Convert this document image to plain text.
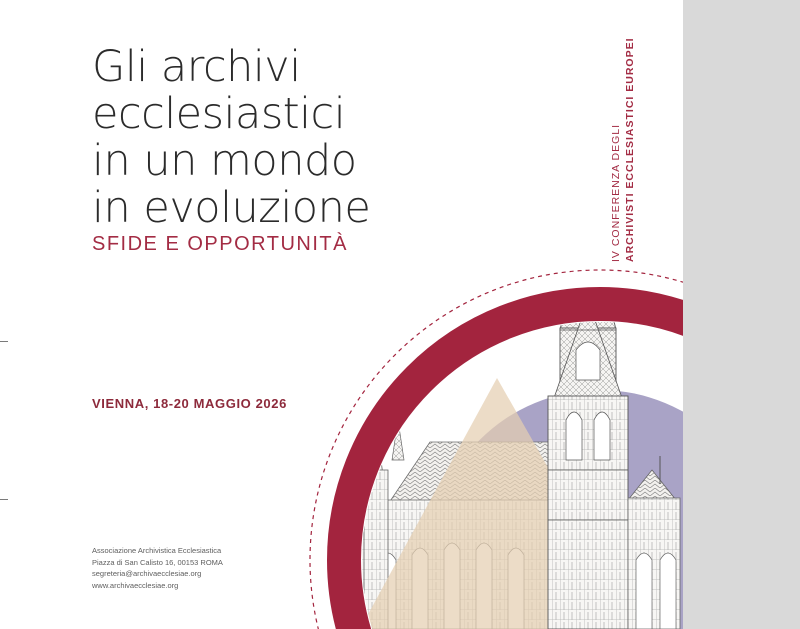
Gli archivi
ecclesiastici
in un mondo
in evoluzione
SFIDE E OPPORTUNITÀ
VIENNA, 18-20 MAGGIO 2026
IV CONFERENZA DEGLI ARCHIVISTI ECCLESIASTICI EUROPEI
Associazione Archivistica Ecclesiastica
Piazza di San Calisto 16, 00153 ROMA
segreteria@archivaecclesiae.org
www.archivaecclesiae.org
